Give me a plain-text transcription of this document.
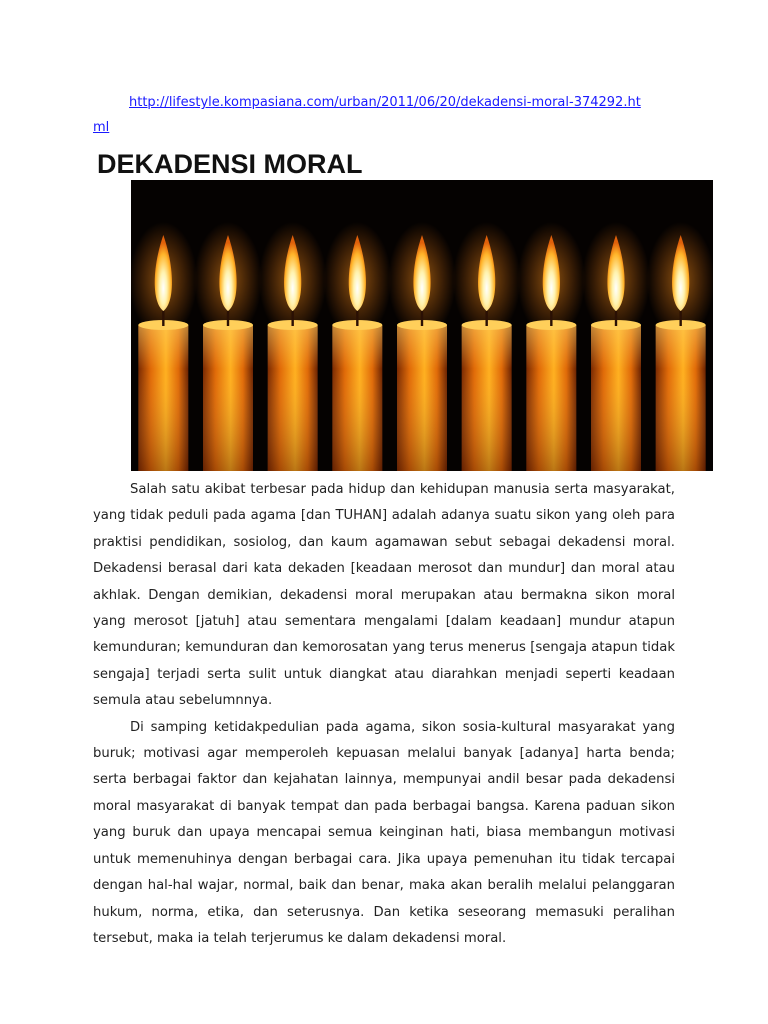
http://lifestyle.kompasiana.com/urban/2011/06/20/dekadensi-moral-374292.html
DEKADENSI MORAL

Salah satu akibat terbesar pada hidup dan kehidupan manusia serta masyarakat, yang tidak peduli pada agama [dan TUHAN] adalah adanya suatu sikon yang oleh para praktisi pendidikan, sosiolog, dan kaum agamawan sebut sebagai dekadensi moral. Dekadensi berasal dari kata dekaden [keadaan merosot dan mundur] dan moral atau akhlak. Dengan demikian, dekadensi moral merupakan atau bermakna sikon moral yang merosot [jatuh] atau sementara mengalami [dalam keadaan] mundur atapun kemunduran; kemunduran dan kemorosatan yang terus menerus [sengaja atapun tidak sengaja] terjadi serta sulit untuk diangkat atau diarahkan menjadi seperti keadaan semula atau sebelumnnya.

Di samping ketidakpedulian pada agama, sikon sosia-kultural masyarakat yang buruk; motivasi agar memperoleh kepuasan melalui banyak [adanya] harta benda; serta berbagai faktor dan kejahatan lainnya, mempunyai andil besar pada dekadensi moral masyarakat di banyak tempat dan pada berbagai bangsa. Karena paduan sikon yang buruk dan upaya mencapai semua keinginan hati, biasa membangun motivasi untuk memenuhinya dengan berbagai cara. Jika upaya pemenuhan itu tidak tercapai dengan hal-hal wajar, normal, baik dan benar, maka akan beralih melalui pelanggaran hukum, norma, etika, dan seterusnya. Dan ketika seseorang memasuki peralihan tersebut, maka ia telah terjerumus ke dalam dekadensi moral.
